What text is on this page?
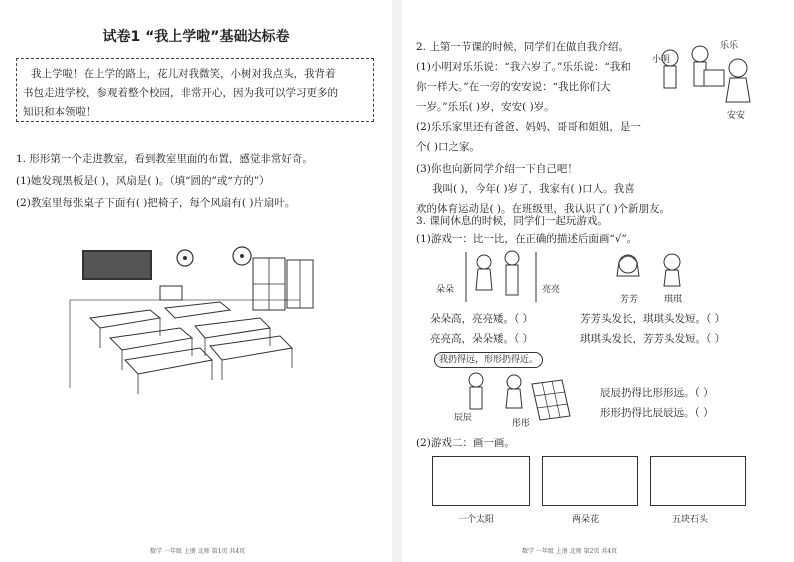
试卷1 “我上学啦”基础达标卷
我上学啦！在上学的路上，花儿对我微笑，小树对我点头，我背着
书包走进学校，参观着整个校园，非常开心，因为我可以学习更多的
知识和本领啦！
1. 形形第一个走进教室，看到教室里面的布置，感觉非常好奇。
(1)她发现黑板是( )，风扇是( )。（填“圆的”或“方的”）
(2)教室里每张桌子下面有( )把椅子，每个风扇有( )片扇叶。
数学 一年级 上册 北师 第1页 共4页
2. 上第一节课的时候，同学们在做自我介绍。
(1)小明对乐乐说：“我六岁了。”乐乐说：“我和
你一样大。”在一旁的安安说：“我比你们大
一岁。”乐乐( )岁，安安( )岁。
(2)乐乐家里还有爸爸、妈妈、哥哥和姐姐，是一
个( )口之家。
(3)你也向新同学介绍一下自己吧！
我叫( )，今年( )岁了，我家有( )口人。我喜
欢的体育运动是( )。在班级里，我认识了( )个新朋友。
小明
乐乐
安安
3. 课间休息的时候，同学们一起玩游戏。
(1)游戏一：比一比，在正确的描述后面画“√”。
朵朵	亮亮
芳芳	琪琪
朵朵高，亮亮矮。（ ）
亮亮高，朵朵矮。（ ）
芳芳头发长，琪琪头发短。（ ）
琪琪头发长，芳芳头发短。（ ）
我扔得远，形形扔得近。
辰辰
彤彤
辰辰扔得比形形远。（ ）
形形扔得比辰辰远。（ ）
(2)游戏二：画一画。
一个太阳	两朵花	五块石头
数学 一年级 上册 北师 第2页 共4页
